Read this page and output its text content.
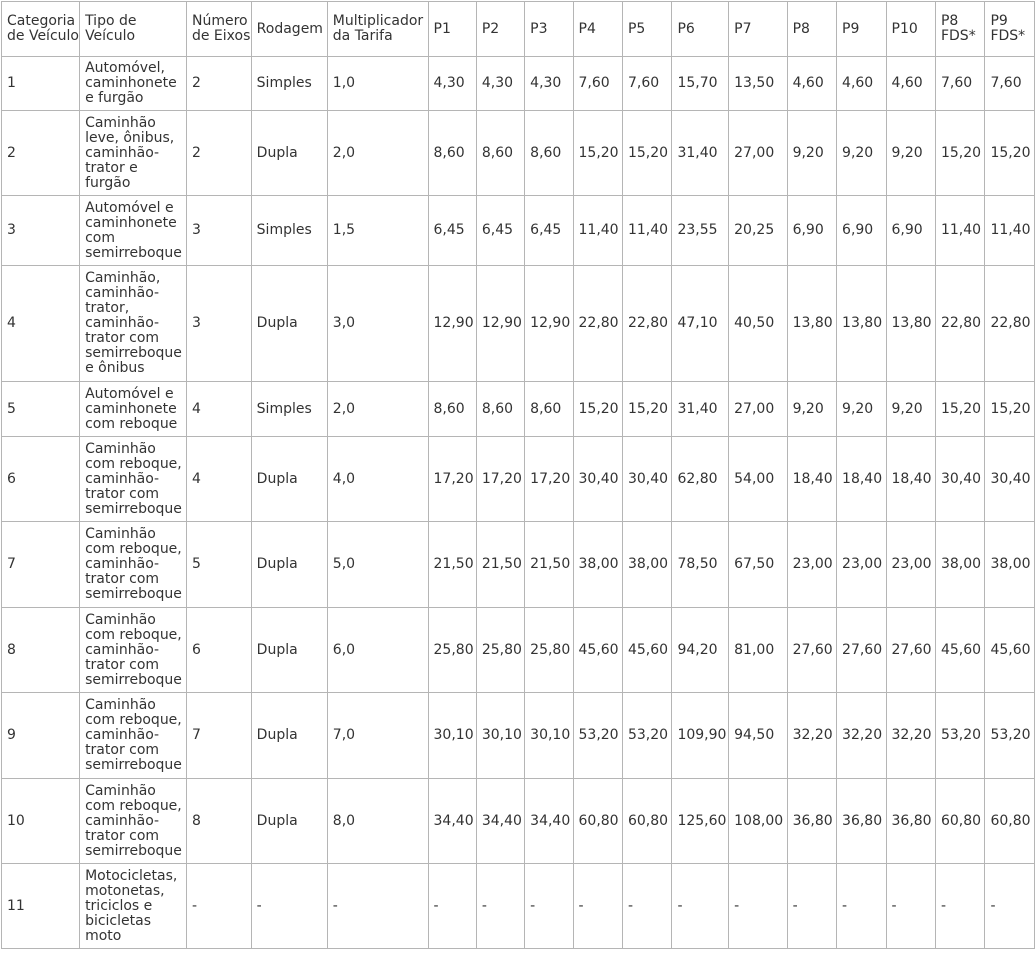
Categoria de Veículo	Tipo de Veículo	Número de Eixos	Rodagem	Multiplicador da Tarifa	P1	P2	P3	P4	P5	P6	P7	P8	P9	P10	P8 FDS*	P9 FDS*
1	Automóvel, caminhonete e furgão	2	Simples	1,0	4,30	4,30	4,30	7,60	7,60	15,70	13,50	4,60	4,60	4,60	7,60	7,60
2	Caminhão leve, ônibus, caminhão-trator e furgão	2	Dupla	2,0	8,60	8,60	8,60	15,20	15,20	31,40	27,00	9,20	9,20	9,20	15,20	15,20
3	Automóvel e caminhonete com semirreboque	3	Simples	1,5	6,45	6,45	6,45	11,40	11,40	23,55	20,25	6,90	6,90	6,90	11,40	11,40
4	Caminhão, caminhão-trator, caminhão-trator com semirreboque e ônibus	3	Dupla	3,0	12,90	12,90	12,90	22,80	22,80	47,10	40,50	13,80	13,80	13,80	22,80	22,80
5	Automóvel e caminhonete com reboque	4	Simples	2,0	8,60	8,60	8,60	15,20	15,20	31,40	27,00	9,20	9,20	9,20	15,20	15,20
6	Caminhão com reboque, caminhão-trator com semirreboque	4	Dupla	4,0	17,20	17,20	17,20	30,40	30,40	62,80	54,00	18,40	18,40	18,40	30,40	30,40
7	Caminhão com reboque, caminhão-trator com semirreboque	5	Dupla	5,0	21,50	21,50	21,50	38,00	38,00	78,50	67,50	23,00	23,00	23,00	38,00	38,00
8	Caminhão com reboque, caminhão-trator com semirreboque	6	Dupla	6,0	25,80	25,80	25,80	45,60	45,60	94,20	81,00	27,60	27,60	27,60	45,60	45,60
9	Caminhão com reboque, caminhão-trator com semirreboque	7	Dupla	7,0	30,10	30,10	30,10	53,20	53,20	109,90	94,50	32,20	32,20	32,20	53,20	53,20
10	Caminhão com reboque, caminhão-trator com semirreboque	8	Dupla	8,0	34,40	34,40	34,40	60,80	60,80	125,60	108,00	36,80	36,80	36,80	60,80	60,80
11	Motocicletas, motonetas, triciclos e bicicletas moto	-	-	-	-	-	-	-	-	-	-	-	-	-	-	-
